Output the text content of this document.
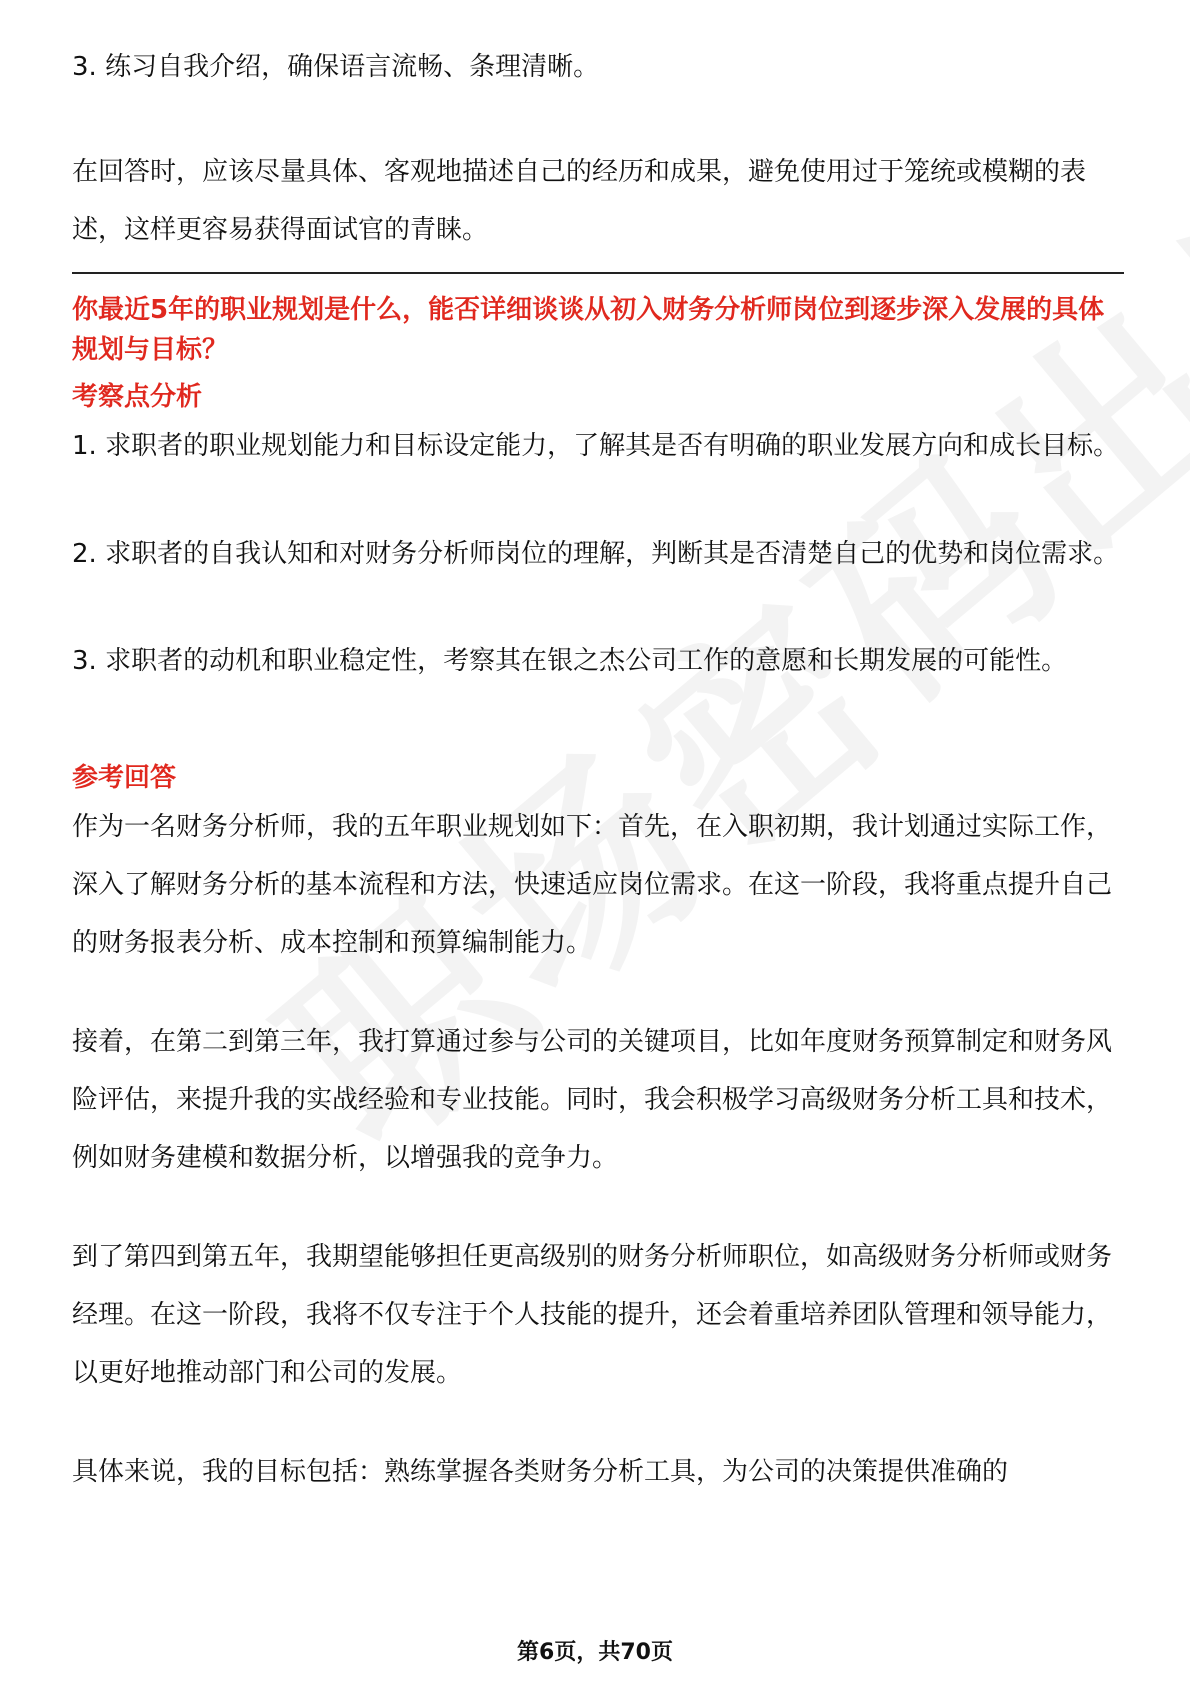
3. 练习自我介绍，确保语言流畅、条理清晰。

在回答时，应该尽量具体、客观地描述自己的经历和成果，避免使用过于笼统或模糊的表述，这样更容易获得面试官的青睐。

你最近5年的职业规划是什么，能否详细谈谈从初入财务分析师岗位到逐步深入发展的具体规划与目标？

考察点分析

1. 求职者的职业规划能力和目标设定能力，了解其是否有明确的职业发展方向和成长目标。

2. 求职者的自我认知和对财务分析师岗位的理解，判断其是否清楚自己的优势和岗位需求。

3. 求职者的动机和职业稳定性，考察其在银之杰公司工作的意愿和长期发展的可能性。

参考回答

作为一名财务分析师，我的五年职业规划如下：首先，在入职初期，我计划通过实际工作，深入了解财务分析的基本流程和方法，快速适应岗位需求。在这一阶段，我将重点提升自己的财务报表分析、成本控制和预算编制能力。

接着，在第二到第三年，我打算通过参与公司的关键项目，比如年度财务预算制定和财务风险评估，来提升我的实战经验和专业技能。同时，我会积极学习高级财务分析工具和技术，例如财务建模和数据分析，以增强我的竞争力。

到了第四到第五年，我期望能够担任更高级别的财务分析师职位，如高级财务分析师或财务经理。在这一阶段，我将不仅专注于个人技能的提升，还会着重培养团队管理和领导能力，以更好地推动部门和公司的发展。

具体来说，我的目标包括：熟练掌握各类财务分析工具，为公司的决策提供准确的

第6页，共70页
